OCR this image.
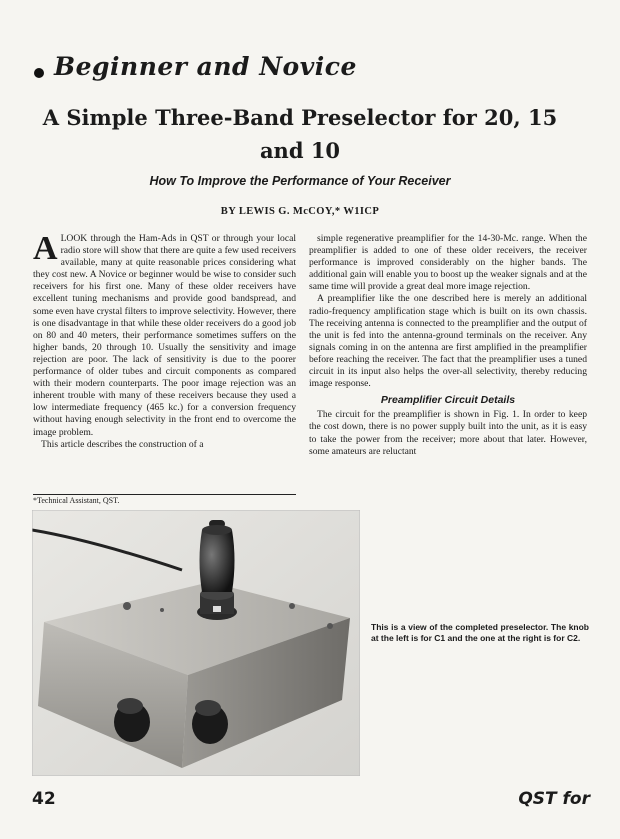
Beginner and Novice
A Simple Three-Band Preselector for 20, 15 and 10
How To Improve the Performance of Your Receiver
BY LEWIS G. McCOY,* W1ICP
A LOOK through the Ham-Ads in QST or through your local radio store will show that there are quite a few used receivers available, many at quite reasonable prices considering what they cost new. A Novice or beginner would be wise to consider such receivers for his first one. Many of these older receivers have excellent tuning mechanisms and provide good bandspread, and some even have crystal filters to improve selectivity. However, there is one disadvantage in that while these older receivers do a good job on 80 and 40 meters, their performance sometimes suffers on the higher bands, 20 through 10. Usually the sensitivity and image rejection are poor. The lack of sensitivity is due to the poorer performance of older tubes and circuit components as compared with their modern counterparts. The poor image rejection was an inherent trouble with many of these receivers because they used a low intermediate frequency (465 kc.) for a conversion frequency without having enough selectivity in the front end to overcome the image problem.

This article describes the construction of a

*Technical Assistant, QST.

simple regenerative preamplifier for the 14-30-Mc. range. When the preamplifier is added to one of these older receivers, the receiver performance is improved considerably on the higher bands. The additional gain will enable you to boost up the weaker signals and at the same time will provide a great deal more image rejection.

A preamplifier like the one described here is merely an additional radio-frequency amplification stage which is built on its own chassis. The receiving antenna is connected to the preamplifier and the output of the unit is fed into the antenna-ground terminals on the receiver. Any signals coming in on the antenna are first amplified in the preamplifier before reaching the receiver. The fact that the preamplifier uses a tuned circuit in its input also helps the over-all selectivity, thereby reducing image response.

Preamplifier Circuit Details

The circuit for the preamplifier is shown in Fig. 1. In order to keep the cost down, there is no power supply built into the unit, as it is easy to take the power from the receiver; more about that later. However, some amateurs are reluctant

This is a view of the completed preselector. The knob at the left is for C1 and the one at the right is for C2.
42	QST for
